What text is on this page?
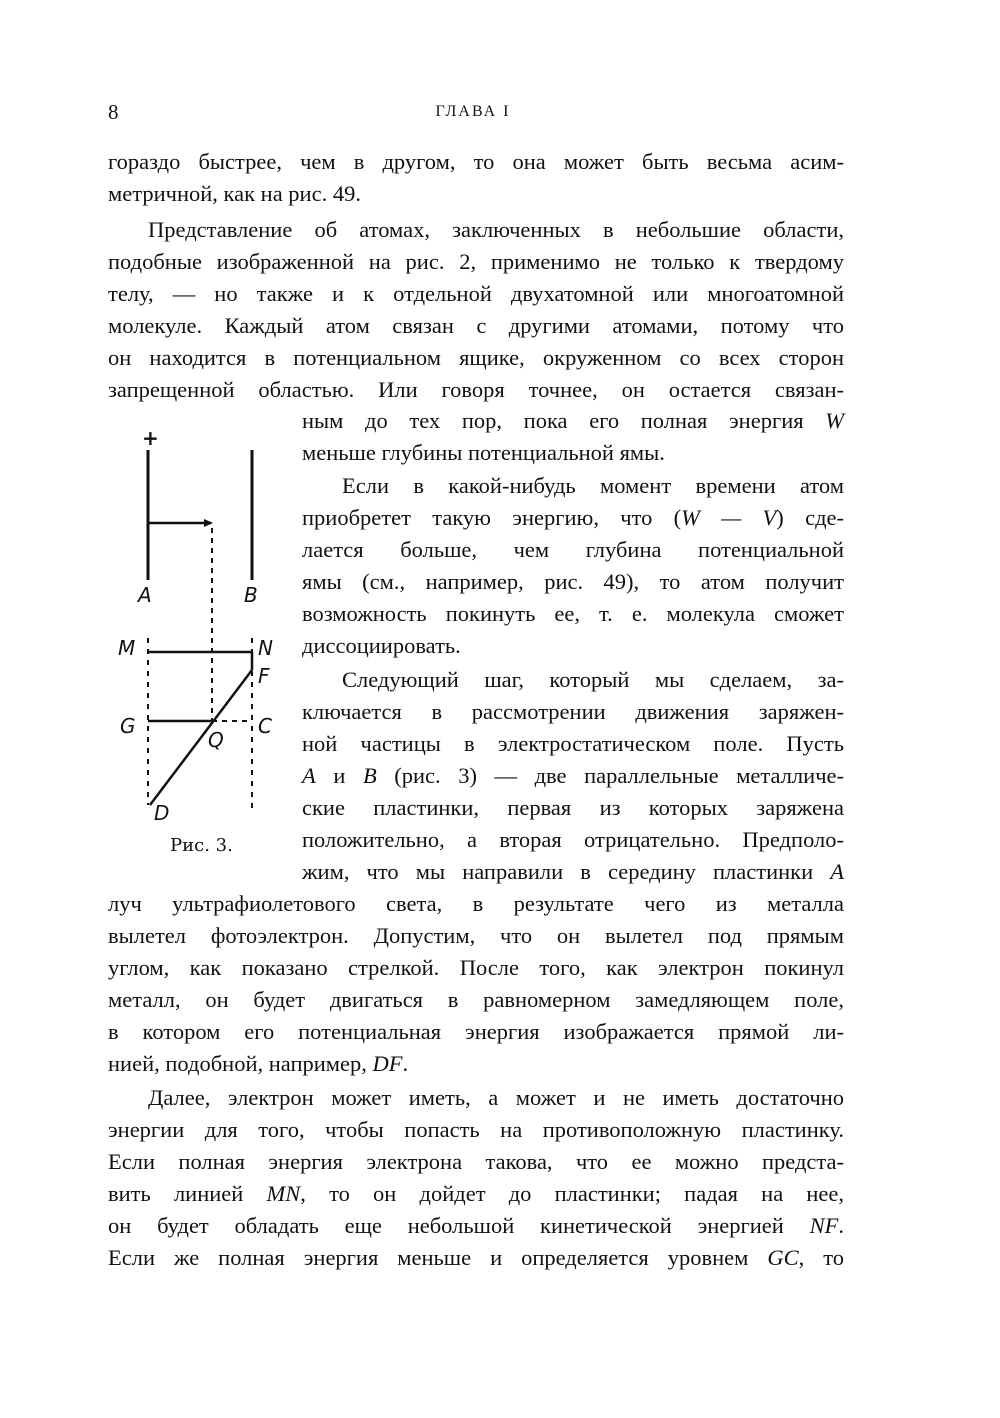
8	ГЛАВА I
гораздо быстрее, чем в другом, то она может быть весьма асим-
метричной, как на рис. 49.
Представление об атомах, заключенных в небольшие области,
подобные изображенной на рис. 2, применимо не только к твердому
телу, — но также и к отдельной двухатомной или многоатомной
молекуле. Каждый атом связан с другими атомами, потому что
он находится в потенциальном ящике, окруженном со всех сторон
запрещенной областью. Или говоря точнее, он остается связан-
ным до тех пор, пока его полная энергия W
меньше глубины потенциальной ямы.
Если в какой-нибудь момент времени атом
приобретет такую энергию, что (W — V) сде-
лается больше, чем глубина потенциальной
ямы (см., например, рис. 49), то атом получит
возможность покинуть ее, т. е. молекула сможет
диссоциировать.
Следующий шаг, который мы сделаем, за-
ключается в рассмотрении движения заряжен-
ной частицы в электростатическом поле. Пусть
A и B (рис. 3) — две параллельные металличе-
ские пластинки, первая из которых заряжена
положительно, а вторая отрицательно. Предполо-
жим, что мы направили в середину пластинки A
луч ультрафиолетового света, в результате чего из металла
вылетел фотоэлектрон. Допустим, что он вылетел под прямым
углом, как показано стрелкой. После того, как электрон покинул
металл, он будет двигаться в равномерном замедляющем поле,
в котором его потенциальная энергия изображается прямой ли-
нией, подобной, например, DF.
Далее, электрон может иметь, а может и не иметь достаточно
энергии для того, чтобы попасть на противоположную пластинку.
Если полная энергия электрона такова, что ее можно предста-
вить линией MN, то он дойдет до пластинки; падая на нее,
он будет обладать еще небольшой кинетической энергией NF.
Если же полная энергия меньше и определяется уровнем GC, то
+
A	B
M	N
F
G
Q
C
D
Рис. 3.
